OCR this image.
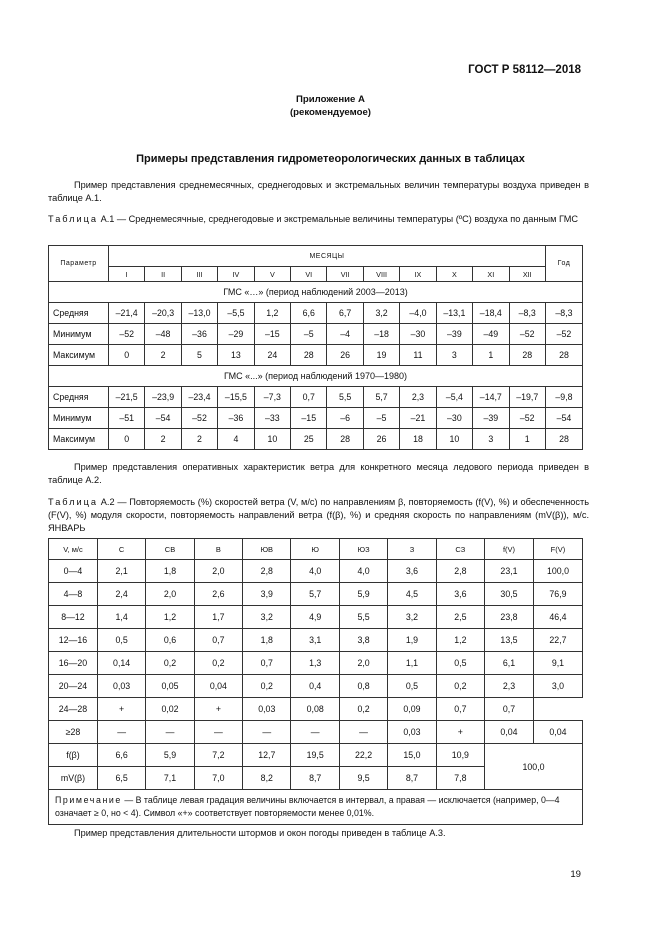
ГОСТ Р 58112—2018
Приложение А
(рекомендуемое)
Примеры представления гидрометеорологических данных в таблицах
Пример представления среднемесячных, среднегодовых и экстремальных величин температуры воздуха приведен в таблице А.1.
Таблица А.1 — Среднемесячные, среднегодовые и экстремальные величины температуры (ºС) воздуха по данным ГМС
Параметр	МЕСЯЦЫ												Год
	I	II	III	IV	V	VI	VII	VIII	IX	X	XI	XII	
ГМС «…» (период наблюдений 2003—2013)													
Средняя	–21,4	–20,3	–13,0	–5,5	1,2	6,6	6,7	3,2	–4,0	–13,1	–18,4	–8,3	–8,3
Минимум	–52	–48	–36	–29	–15	–5	–4	–18	–30	–39	–49	–52	–52
Максимум	0	2	5	13	24	28	26	19	11	3	1	28	28
ГМС «...» (период наблюдений 1970—1980)													
Средняя	–21,5	–23,9	–23,4	–15,5	–7,3	0,7	5,5	5,7	2,3	–5,4	–14,7	–19,7	–9,8
Минимум	–51	–54	–52	–36	–33	–15	–6	–5	–21	–30	–39	–52	–54
Максимум	0	2	2	4	10	25	28	26	18	10	3	1	28
Пример представления оперативных характеристик ветра для конкретного месяца ледового периода приведен в таблице А.2.
Таблица А.2 — Повторяемость (%) скоростей ветра (V, м/с) по направлениям β, повторяемость (f(V), %) и обеспеченность (F(V), %) модуля скорости, повторяемость направлений ветра (f(β), %) и средняя скорость по направлениям (mV(β)), м/с. ЯНВАРЬ
V, м/с	С	СВ	В	ЮВ	Ю	ЮЗ	З	СЗ	f(V)	F(V)
0—4	2,1	1,8	2,0	2,8	4,0	4,0	3,6	2,8	23,1	100,0
4—8	2,4	2,0	2,6	3,9	5,7	5,9	4,5	3,6	30,5	76,9
8—12	1,4	1,2	1,7	3,2	4,9	5,5	3,2	2,5	23,8	46,4
12—16	0,5	0,6	0,7	1,8	3,1	3,8	1,9	1,2	13,5	22,7
16—20	0,14	0,2	0,2	0,7	1,3	2,0	1,1	0,5	6,1	9,1
20—24	0,03	0,05	0,04	0,2	0,4	0,8	0,5	0,2	2,3	3,0
24—28	+	0,02	+	0,03	0,08	0,2	0,09	0,7	0,7	
≥28	—	—	—	—	—	—	0,03	+	0,04	0,04
f(β)	6,6	5,9	7,2	12,7	19,5	22,2	15,0	10,9	100,0	
mV(β)	6,5	7,1	7,0	8,2	8,7	9,5	8,7	7,8		
Примечание — В таблице левая градация величины включается в интервал, а правая — исключается (например, 0—4 означает ≥ 0, но < 4). Символ «+» соответствует повторяемости менее 0,01%.										
Пример представления длительности штормов и окон погоды приведен в таблице А.3.
19
